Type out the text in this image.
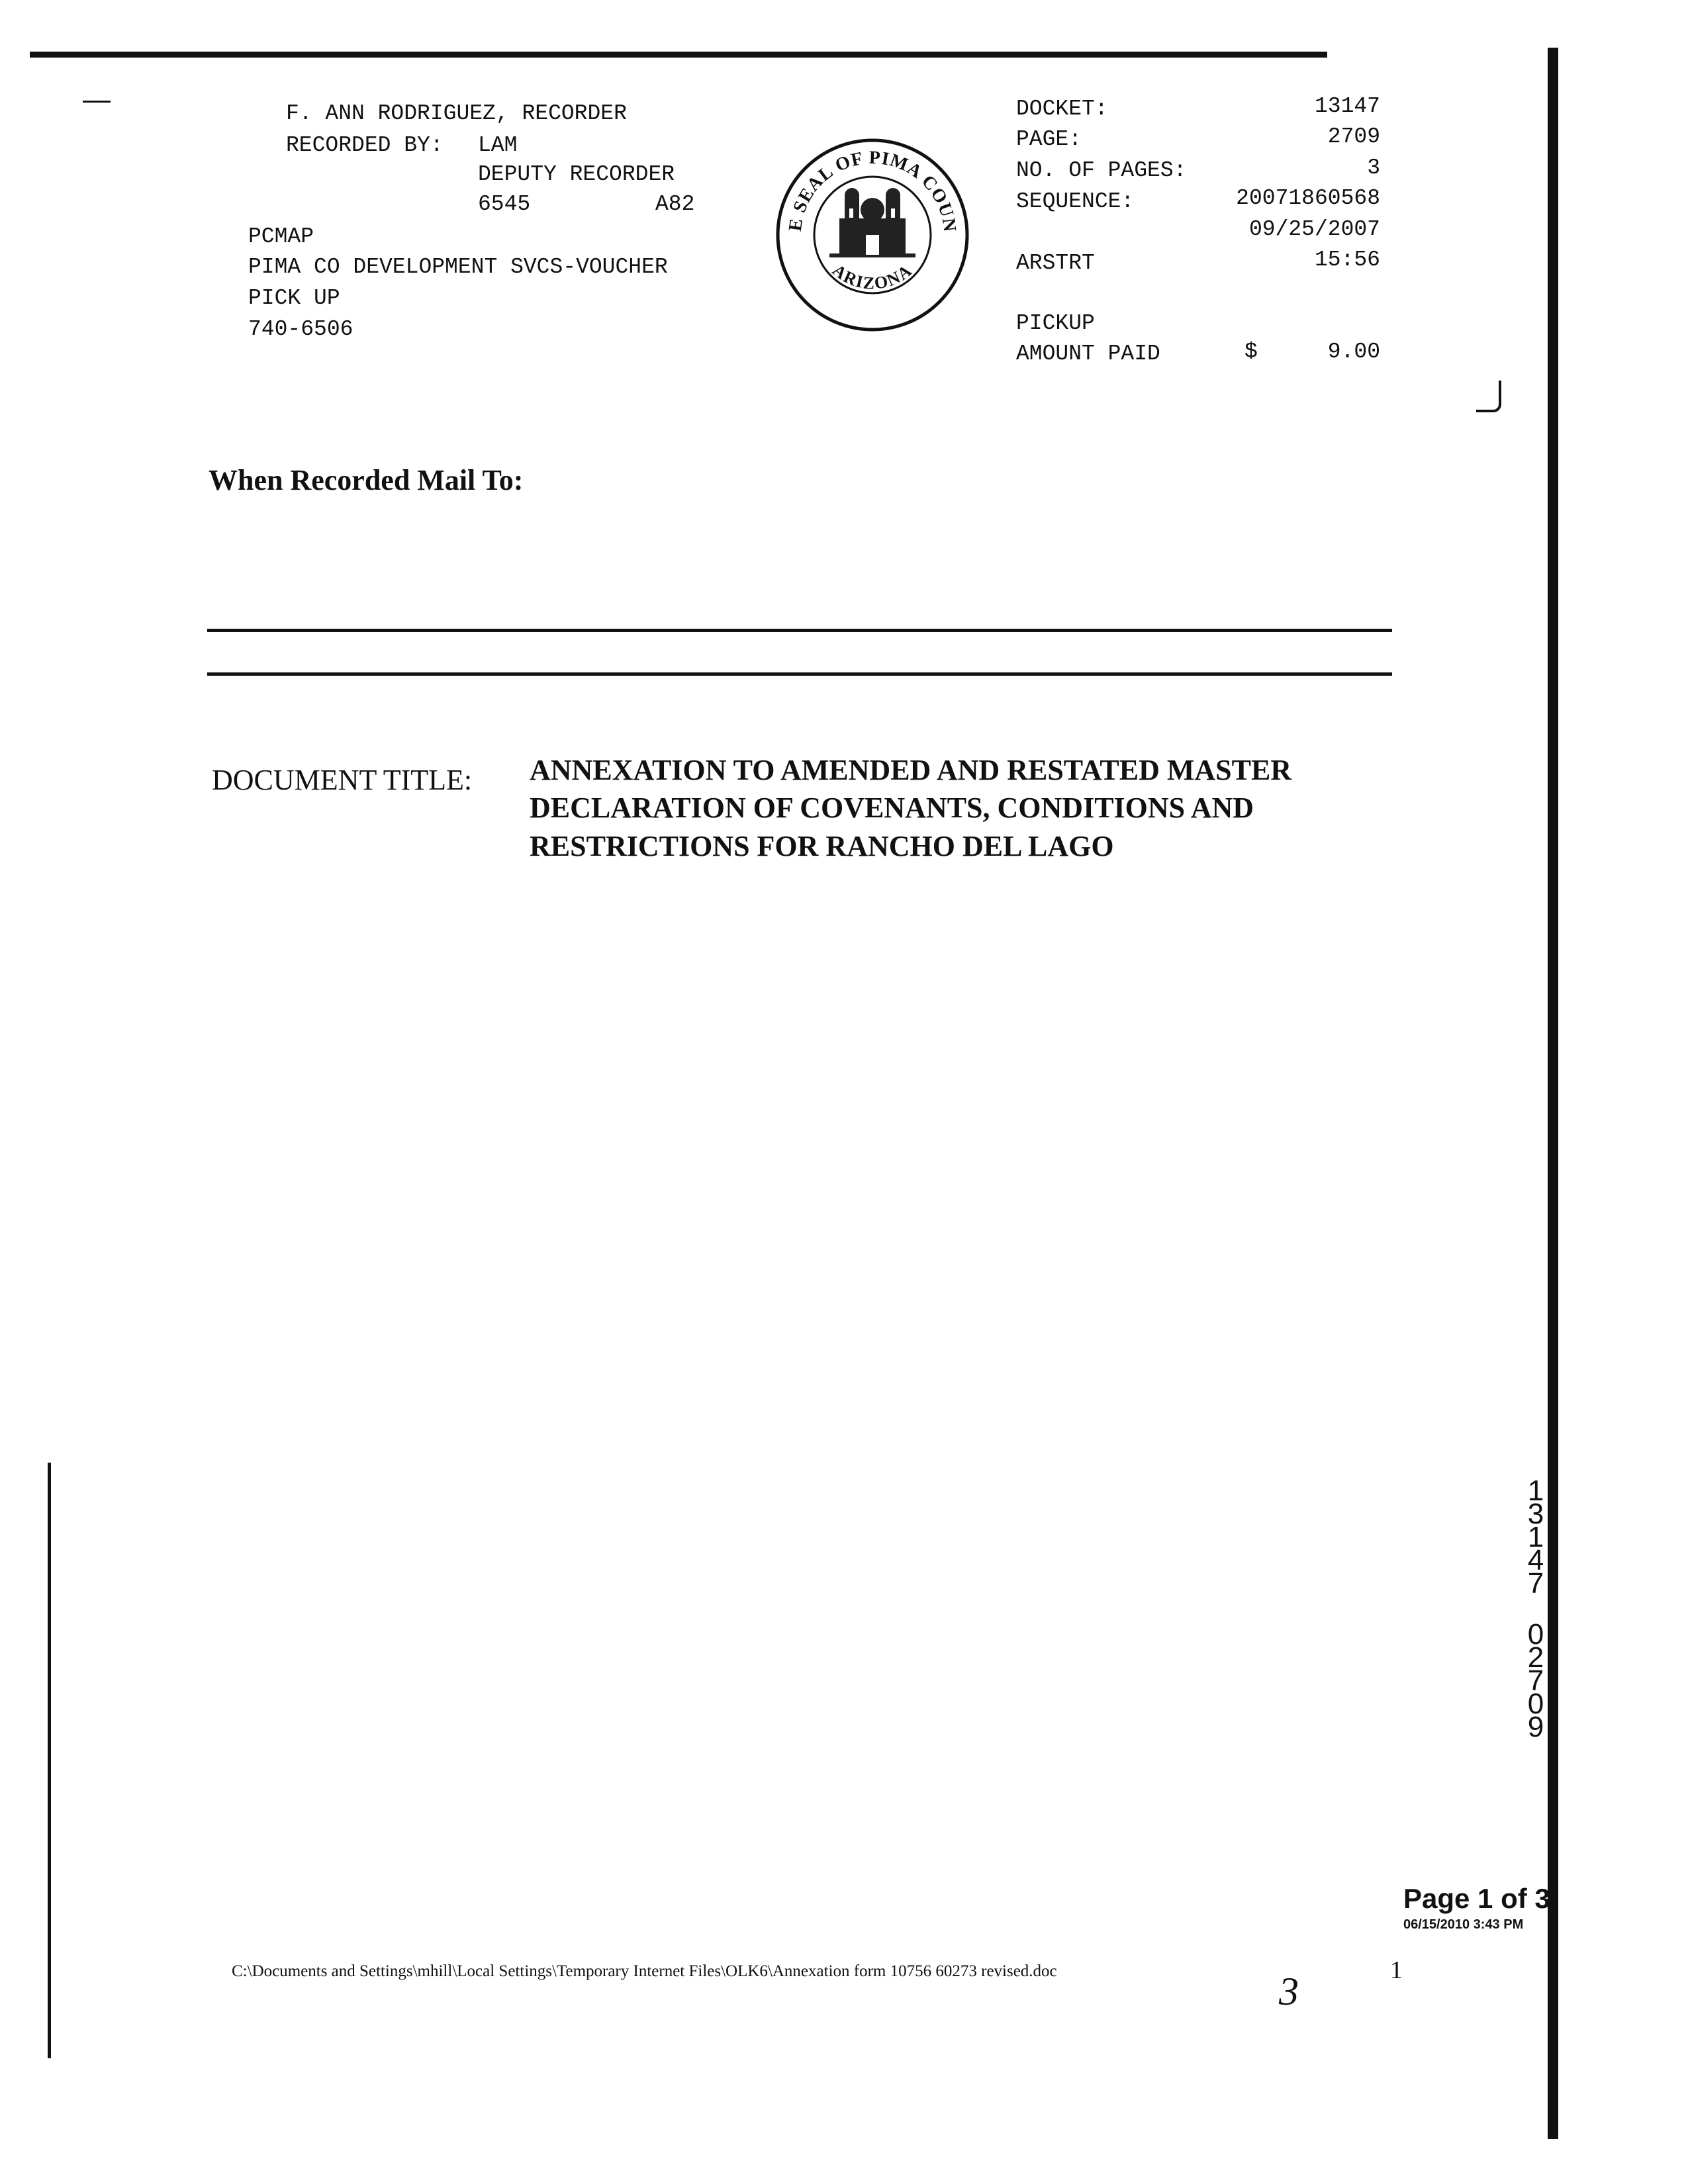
F. ANN RODRIGUEZ, RECORDER
RECORDED BY: LAM
DEPUTY RECORDER
6545	A82
PCMAP
PIMA CO DEVELOPMENT SVCS-VOUCHER
PICK UP
740-6506
E SEAL OF PIMA COUN
ARIZONA
DOCKET:	13147
PAGE:	2709
NO. OF PAGES:	3
SEQUENCE:	20071860568
09/25/2007
ARSTRT	15:56
PICKUP
AMOUNT PAID	$	9.00
When Recorded Mail To:
DOCUMENT TITLE: ANNEXATION TO AMENDED AND RESTATED MASTER
DECLARATION OF COVENANTS, CONDITIONS AND
RESTRICTIONS FOR RANCHO DEL LAGO
1
3
1
4
7
0
2
7
0
9
Page 1 of 3
06/15/2010 3:43 PM
C:\Documents and Settings\mhill\Local Settings\Temporary Internet Files\OLK6\Annexation form 10756 60273 revised.doc	3	1
